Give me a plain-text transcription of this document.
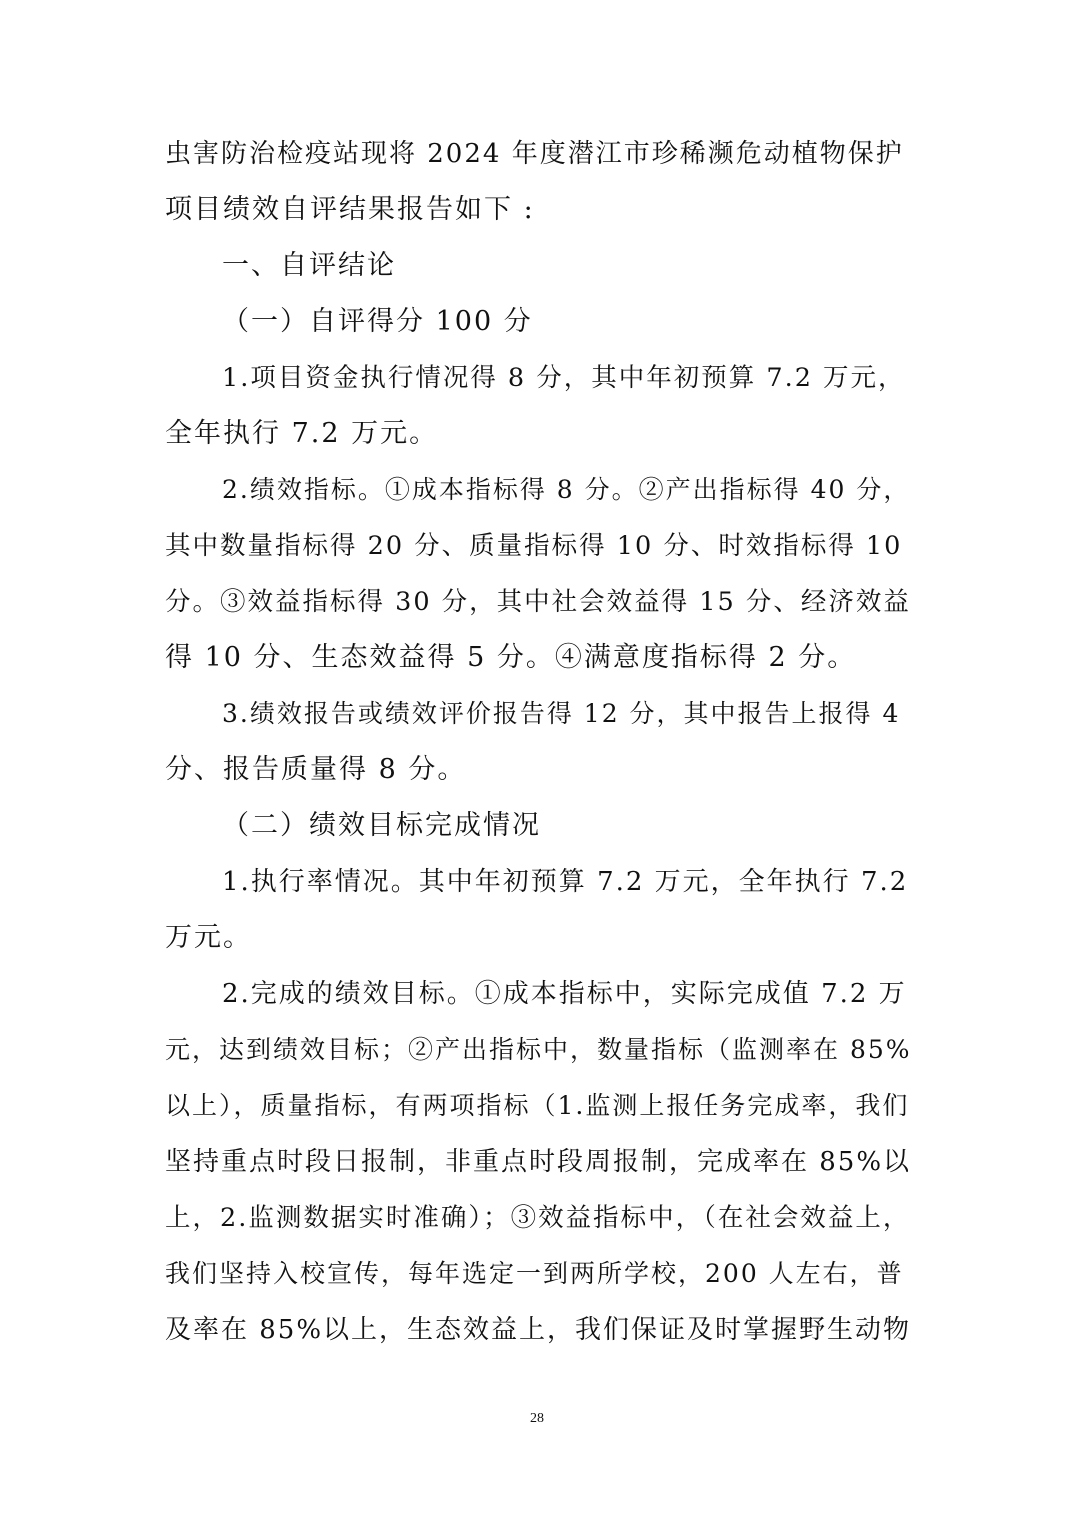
虫害防治检疫站现将 2024 年度潜江市珍稀濒危动植物保护
项目绩效自评结果报告如下 :
一、自评结论
（一）自评得分 100 分
1.项目资金执行情况得 8 分，其中年初预算 7.2 万元，
全年执行 7.2 万元。
2.绩效指标。①成本指标得 8 分。②产出指标得 40 分，
其中数量指标得 20 分、质量指标得 10 分、时效指标得 10
分。③效益指标得 30 分，其中社会效益得 15 分、经济效益
得 10 分、生态效益得 5 分。④满意度指标得 2 分。
3.绩效报告或绩效评价报告得 12 分，其中报告上报得 4
分、报告质量得 8 分。
（二）绩效目标完成情况
1.执行率情况。其中年初预算 7.2 万元，全年执行 7.2
万元。
2.完成的绩效目标。①成本指标中，实际完成值 7.2 万
元，达到绩效目标；②产出指标中，数量指标（监测率在 85%
以上），质量指标，有两项指标（1.监测上报任务完成率，我们
坚持重点时段日报制，非重点时段周报制，完成率在 85%以
上，2.监测数据实时准确）；③效益指标中，（在社会效益上，
我们坚持入校宣传，每年选定一到两所学校，200 人左右，普
及率在 85%以上，生态效益上，我们保证及时掌握野生动物
28
